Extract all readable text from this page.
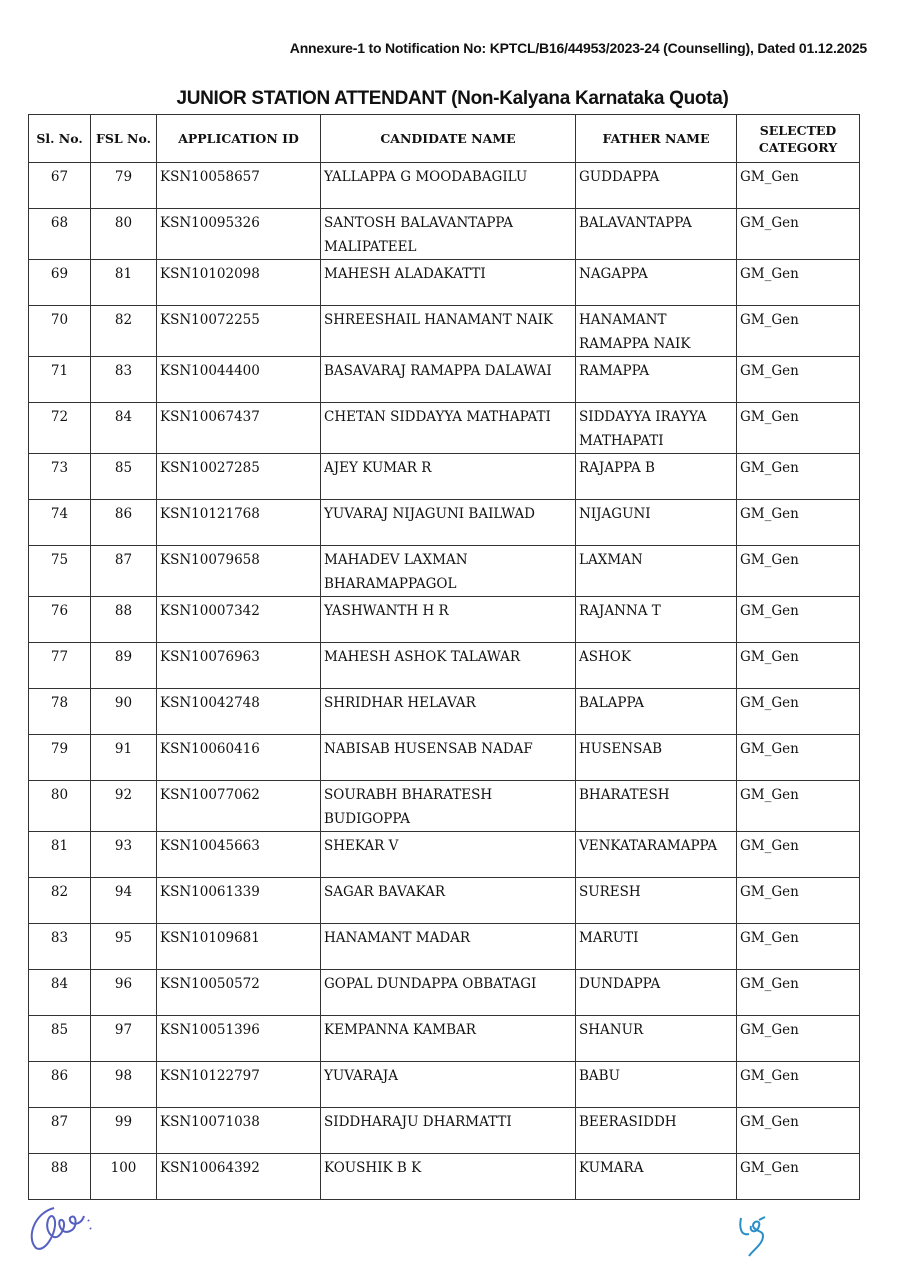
Annexure-1 to Notification No: KPTCL/B16/44953/2023-24 (Counselling), Dated 01.12.2025
JUNIOR STATION ATTENDANT (Non-Kalyana Karnataka Quota)
Sl. No.	FSL No.	APPLICATION ID	CANDIDATE NAME	FATHER NAME	SELECTED CATEGORY
67	79	KSN10058657	YALLAPPA G MOODABAGILU	GUDDAPPA	GM_Gen
68	80	KSN10095326	SANTOSH BALAVANTAPPA MALIPATEEL	BALAVANTAPPA	GM_Gen
69	81	KSN10102098	MAHESH ALADAKATTI	NAGAPPA	GM_Gen
70	82	KSN10072255	SHREESHAIL HANAMANT NAIK	HANAMANT RAMAPPA NAIK	GM_Gen
71	83	KSN10044400	BASAVARAJ RAMAPPA DALAWAI	RAMAPPA	GM_Gen
72	84	KSN10067437	CHETAN SIDDAYYA MATHAPATI	SIDDAYYA IRAYYA MATHAPATI	GM_Gen
73	85	KSN10027285	AJEY KUMAR R	RAJAPPA B	GM_Gen
74	86	KSN10121768	YUVARAJ NIJAGUNI BAILWAD	NIJAGUNI	GM_Gen
75	87	KSN10079658	MAHADEV LAXMAN BHARAMAPPAGOL	LAXMAN	GM_Gen
76	88	KSN10007342	YASHWANTH H R	RAJANNA T	GM_Gen
77	89	KSN10076963	MAHESH ASHOK TALAWAR	ASHOK	GM_Gen
78	90	KSN10042748	SHRIDHAR HELAVAR	BALAPPA	GM_Gen
79	91	KSN10060416	NABISAB HUSENSAB NADAF	HUSENSAB	GM_Gen
80	92	KSN10077062	SOURABH BHARATESH BUDIGOPPA	BHARATESH	GM_Gen
81	93	KSN10045663	SHEKAR V	VENKATARAMAPPA	GM_Gen
82	94	KSN10061339	SAGAR BAVAKAR	SURESH	GM_Gen
83	95	KSN10109681	HANAMANT MADAR	MARUTI	GM_Gen
84	96	KSN10050572	GOPAL DUNDAPPA OBBATAGI	DUNDAPPA	GM_Gen
85	97	KSN10051396	KEMPANNA KAMBAR	SHANUR	GM_Gen
86	98	KSN10122797	YUVARAJA	BABU	GM_Gen
87	99	KSN10071038	SIDDHARAJU DHARMATTI	BEERASIDDH	GM_Gen
88	100	KSN10064392	KOUSHIK B K	KUMARA	GM_Gen
